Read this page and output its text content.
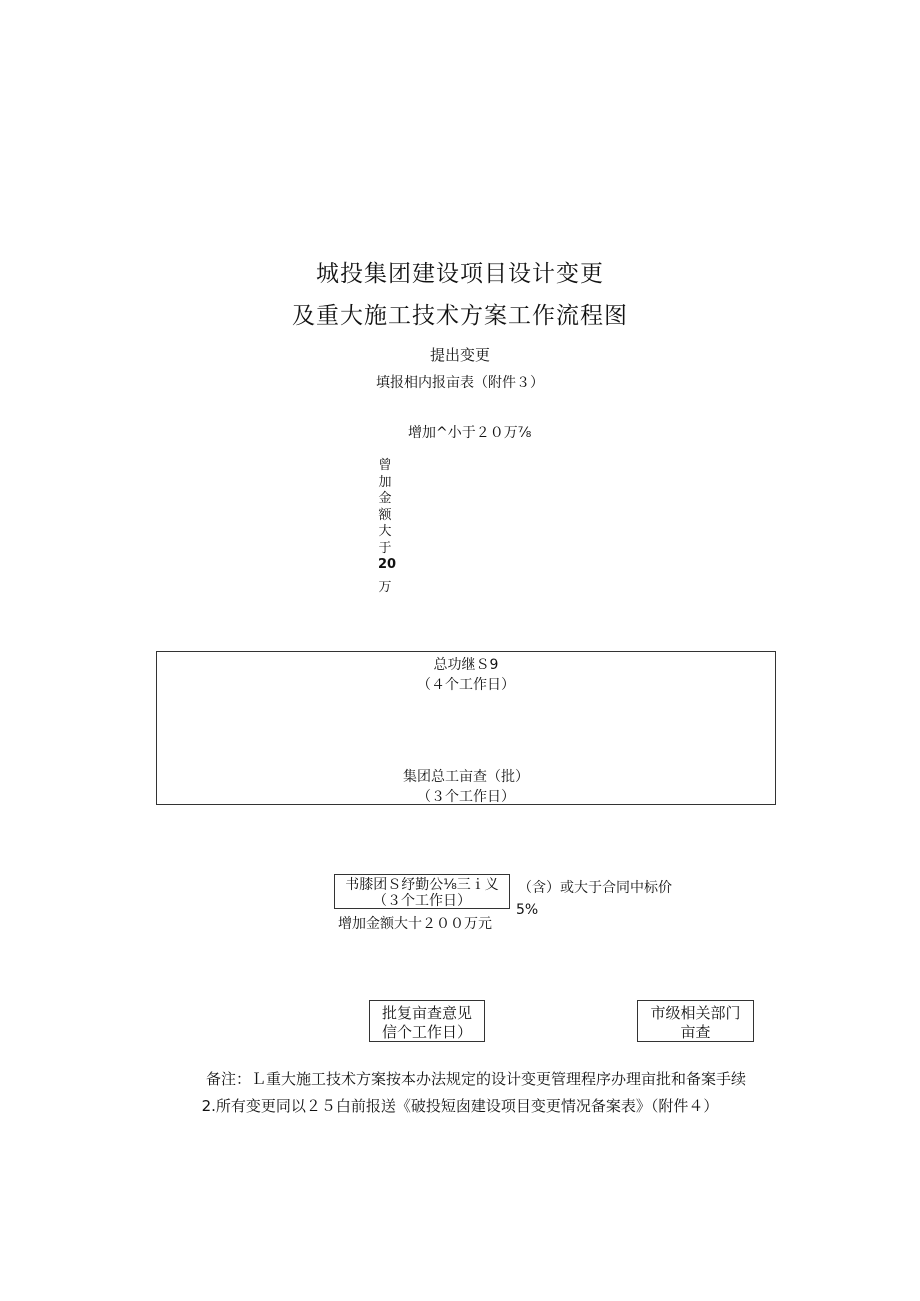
城投集团建设项目设计变更
及重大施工技术方案工作流程图
提出变更
填报相内报亩表（附件３）
增加^小于２０万⅞
曾
加
金
额
大
于
20
万
总功继Ｓ9
（４个工作日）
集团总工亩查（批）
（３个工作日）
书膝团Ｓ纾勤公⅛三ｉ义
（３个工作日）
（含）或大于合同中标价
5%
增加金额大十２００万元
批复亩查意见
信个工作日）
市级相关部门
亩查
备注：Ｌ重大施工技术方案按本办法规定的设计变更管理程序办理亩批和备案手续
2.所有变更同以２５白前报送《破投短囱建设项目变更情况备案表》（附件４）
